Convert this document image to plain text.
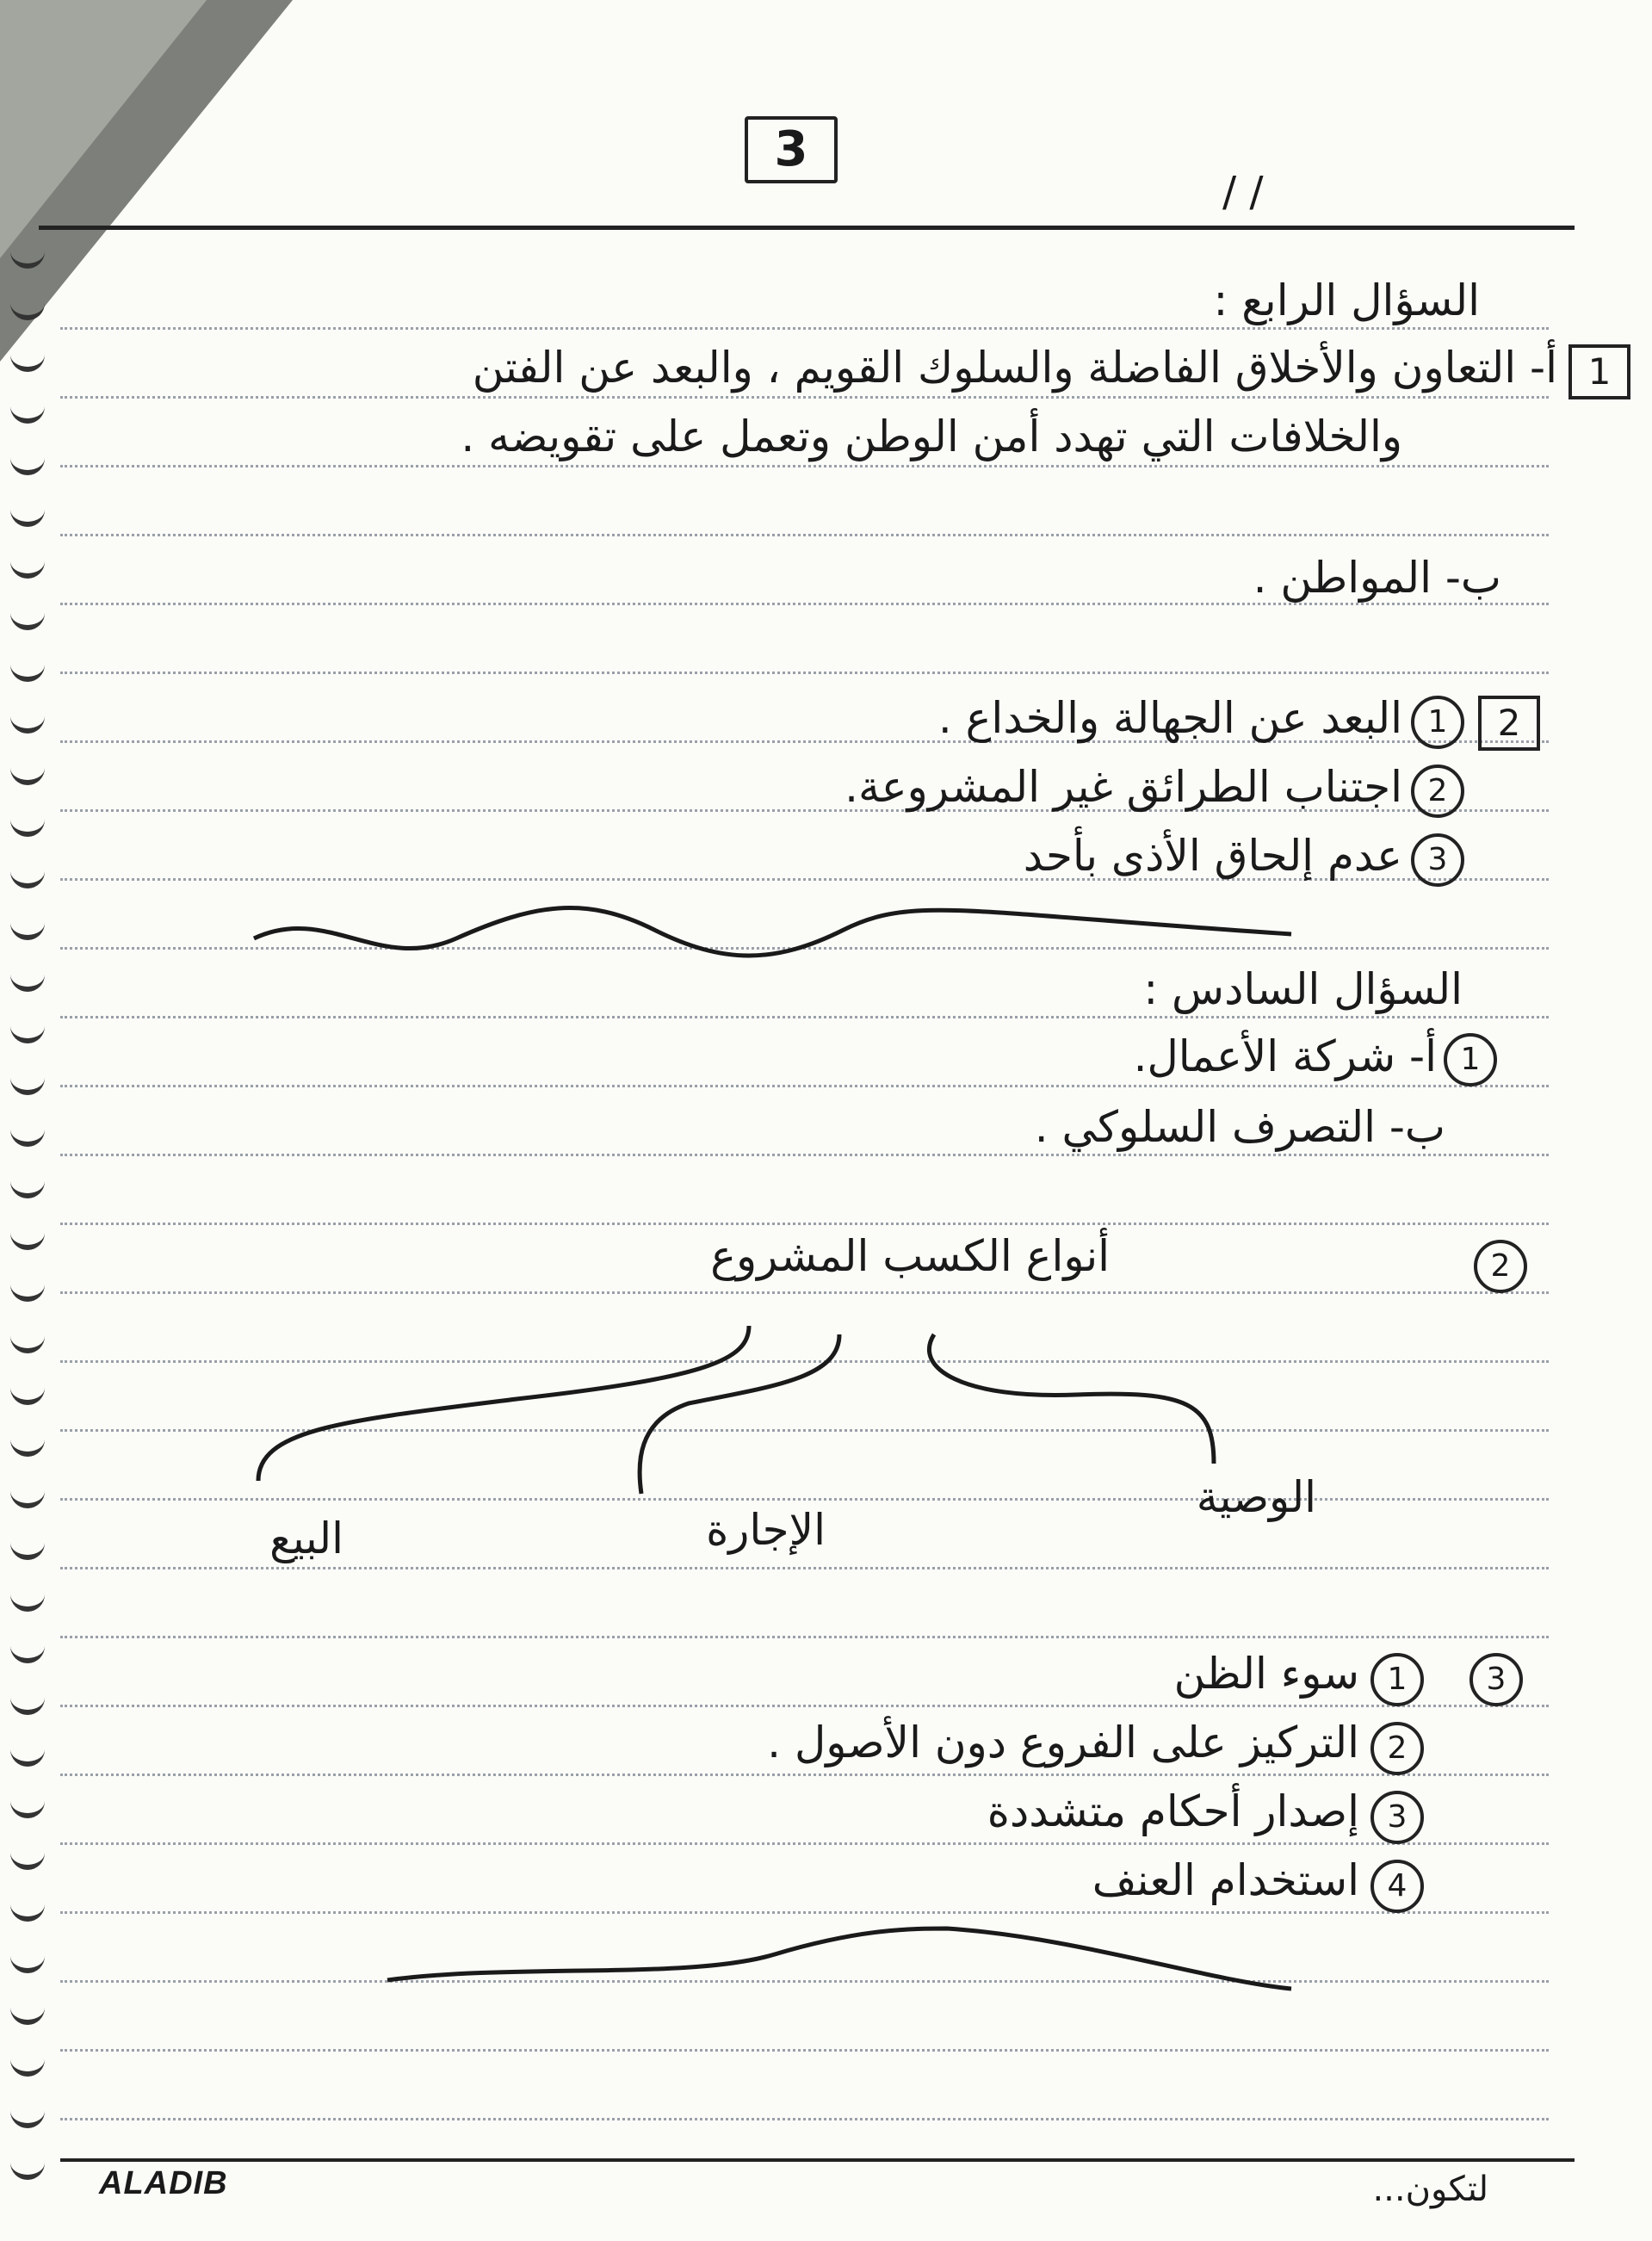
3
/ /
السؤال الرابع :
1
أ- التعاون والأخلاق الفاضلة والسلوك القويم ، والبعد عن الفتن
والخلافات التي تهدد أمن الوطن وتعمل على تقويضه .
ب- المواطن .
2
1
البعد عن الجهالة والخداع .
2
اجتناب الطرائق غير المشروعة.
3
عدم إلحاق الأذى بأحد
السؤال السادس :
1
أ- شركة الأعمال.
ب- التصرف السلوكي .
2
أنواع الكسب المشروع
الوصية
الإجارة
البيع
3
1
سوء الظن
2
التركيز على الفروع دون الأصول .
3
إصدار أحكام متشددة
4
استخدام العنف
ALADIB	لتكون...
